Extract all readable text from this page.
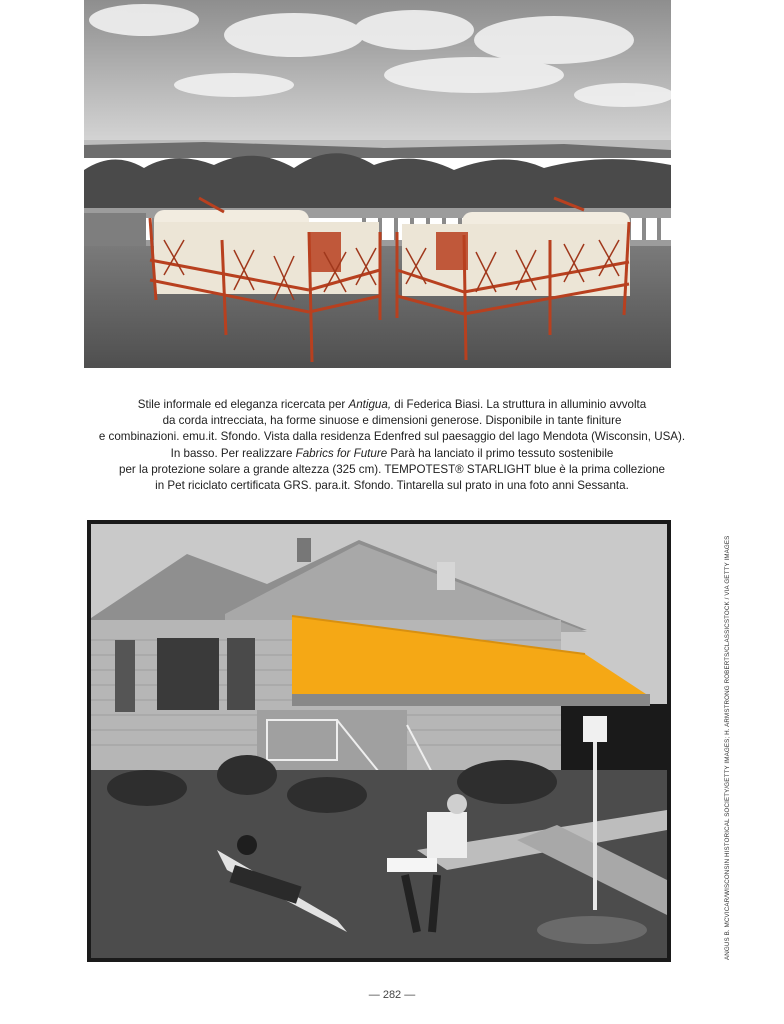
Stile informale ed eleganza ricercata per Antigua, di Federica Biasi. La struttura in alluminio avvolta
da corda intrecciata, ha forme sinuose e dimensioni generose. Disponibile in tante finiture
e combinazioni. emu.it. Sfondo. Vista dalla residenza Edenfred sul paesaggio del lago Mendota (Wisconsin, USA).
In basso. Per realizzare Fabrics for Future Parà ha lanciato il primo tessuto sostenibile
per la protezione solare a grande altezza (325 cm). TEMPOTEST® STARLIGHT blue è la prima collezione
in Pet riciclato certificata GRS. para.it. Sfondo. Tintarella sul prato in una foto anni Sessanta.
ANGUS B. MCVICAR/WISCONSIN HISTORICAL SOCIETY/GETTY IMAGES; H. ARMSTRONG ROBERTS/CLASSICSTOCK / VIA GETTY IMAGES
— 282 —
